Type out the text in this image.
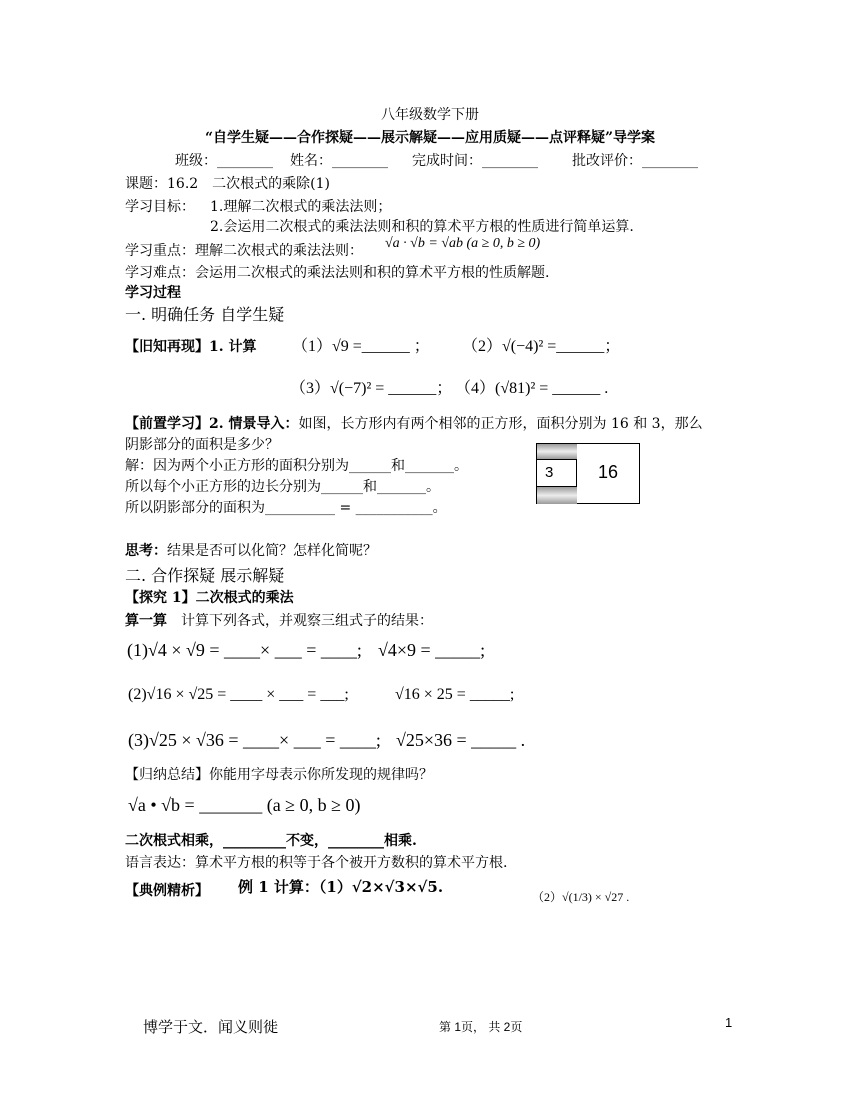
八年级数学下册
“自学生疑——合作探疑——展示解疑——应用质疑——点评释疑”导学案
班级：________ 姓名：________ 完成时间：________ 批改评价：________
课题：16.2　二次根式的乘除(1)
学习目标： 1.理解二次根式的乘法法则；
2.会运用二次根式的乘法法则和积的算术平方根的性质进行简单运算.
学习重点：理解二次根式的乘法法则： √a · √b = √ab (a ≥ 0, b ≥ 0)
学习难点：会运用二次根式的乘法法则和积的算术平方根的性质解题.
学习过程
一. 明确任务 自学生疑
【旧知再现】1. 计算 （1）√9 =______ ； （2）√(−4)² =______；
（3）√(−7)² = ______； （4）(√81)² = ______ .
【前置学习】2. 情景导入：如图，长方形内有两个相邻的正方形，面积分别为 16 和 3，那么
阴影部分的面积是多少？
解：因为两个小正方形的面积分别为______和_______。
所以每个小正方形的边长分别为______和_______。
所以阴影部分的面积为__________ = ___________。
3	16
思考：结果是否可以化简？怎样化简呢？
二. 合作探疑 展示解疑
【探究 1】二次根式的乘法
算一算 计算下列各式，并观察三组式子的结果：
(1)√4 × √9 = ____× ___ = ____; √4×9 = _____;
(2)√16 × √25 = ____ × ___ = ___;	√16 × 25 = _____;
(3)√25 × √36 = ____× ___ = ____; √25×36 = _____ .
【归纳总结】你能用字母表示你所发现的规律吗？
√a • √b = _______ (a ≥ 0, b ≥ 0)
二次根式相乘，_________不变，________相乘.
语言表达：算术平方根的积等于各个被开方数积的算术平方根.
【典例精析】 例 1 计算：（1）√2×√3×√5.
（2）√(1/3) × √27 .
博学于文．闻义则徙	第 1页， 共 2页	1
